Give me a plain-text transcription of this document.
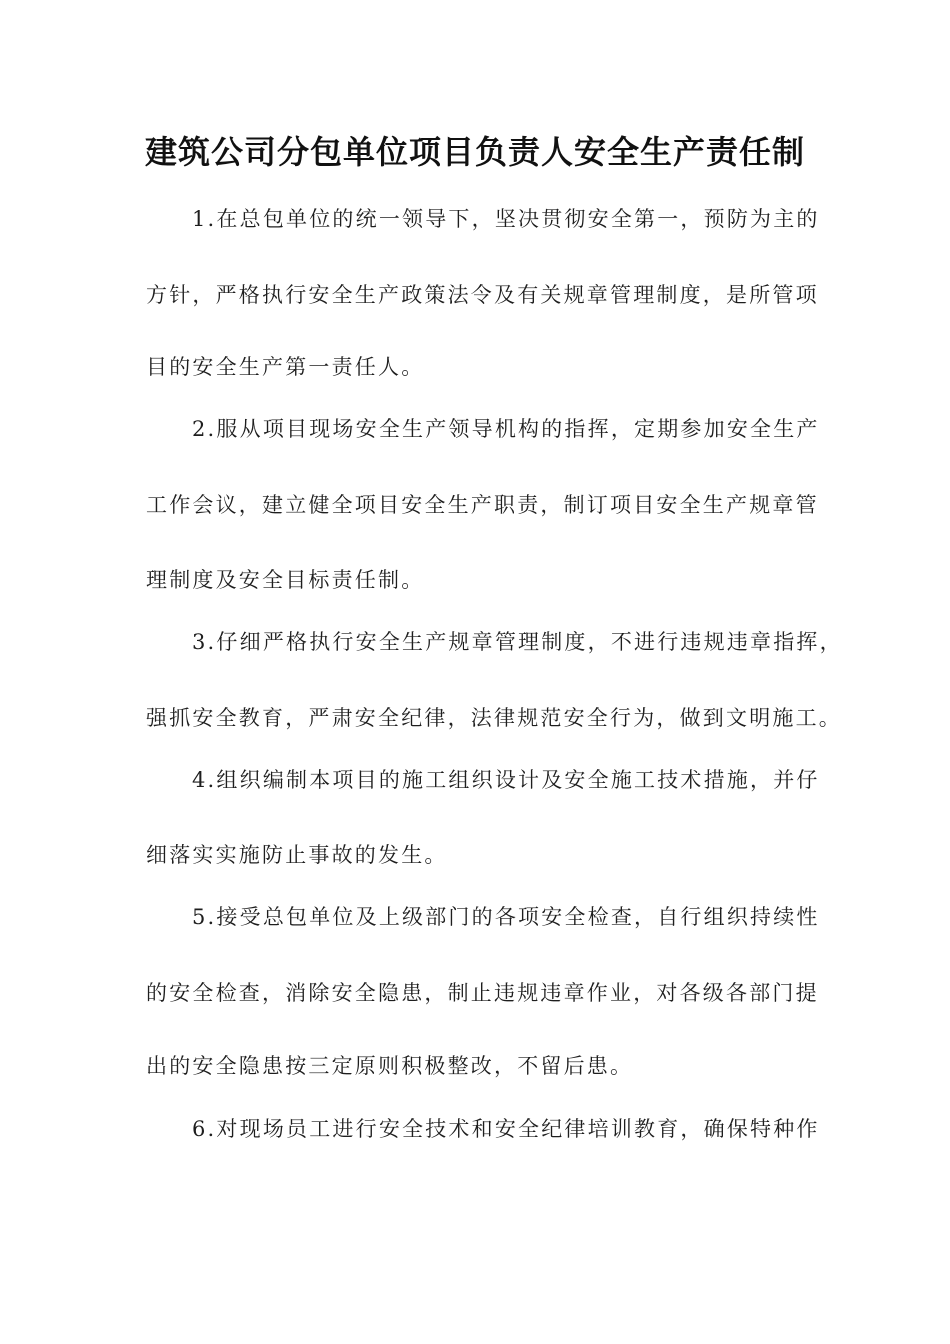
建筑公司分包单位项目负责人安全生产责任制
1.在总包单位的统一领导下，坚决贯彻安全第一，预防为主的
方针，严格执行安全生产政策法令及有关规章管理制度，是所管项
目的安全生产第一责任人。
2.服从项目现场安全生产领导机构的指挥，定期参加安全生产
工作会议，建立健全项目安全生产职责，制订项目安全生产规章管
理制度及安全目标责任制。
3.仔细严格执行安全生产规章管理制度，不进行违规违章指挥，
强抓安全教育，严肃安全纪律，法律规范安全行为，做到文明施工。
4.组织编制本项目的施工组织设计及安全施工技术措施，并仔
细落实实施防止事故的发生。
5.接受总包单位及上级部门的各项安全检查，自行组织持续性
的安全检查，消除安全隐患，制止违规违章作业，对各级各部门提
出的安全隐患按三定原则积极整改，不留后患。
6.对现场员工进行安全技术和安全纪律培训教育，确保特种作
